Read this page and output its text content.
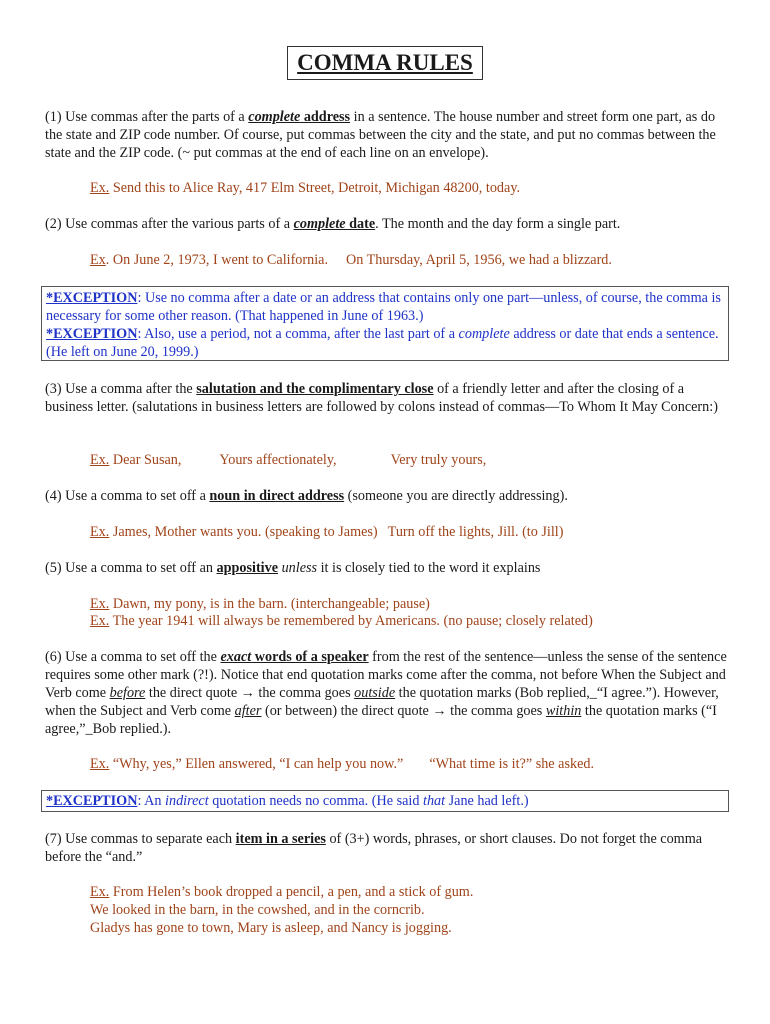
COMMA RULES

(1) Use commas after the parts of a complete address in a sentence. The house number and street form one part, as do the state and ZIP code number. Of course, put commas between the city and the state, and put no commas between the state and the ZIP code. (~ put commas at the end of each line on an envelope).

Ex. Send this to Alice Ray, 417 Elm Street, Detroit, Michigan 48200, today.

(2) Use commas after the various parts of a complete date. The month and the day form a single part.

Ex. On June 2, 1973, I went to California. On Thursday, April 5, 1956, we had a blizzard.
*EXCEPTION: Use no comma after a date or an address that contains only one part—unless, of course, the comma is necessary for some other reason. (That happened in June of 1963.)
*EXCEPTION: Also, use a period, not a comma, after the last part of a complete address or date that ends a sentence. (He left on June 20, 1999.)

(3) Use a comma after the salutation and the complimentary close of a friendly letter and after the closing of a business letter. (salutations in business letters are followed by colons instead of commas—To Whom It May Concern:)

Ex. Dear Susan,	Yours affectionately,	Very truly yours,

(4) Use a comma to set off a noun in direct address (someone you are directly addressing).

Ex. James, Mother wants you. (speaking to James) Turn off the lights, Jill. (to Jill)

(5) Use a comma to set off an appositive unless it is closely tied to the word it explains

Ex. Dawn, my pony, is in the barn. (interchangeable; pause)
Ex. The year 1941 will always be remembered by Americans. (no pause; closely related)

(6) Use a comma to set off the exact words of a speaker from the rest of the sentence—unless the sense of the sentence requires some other mark (?!). Notice that end quotation marks come after the comma, not before When the Subject and Verb come before the direct quote → the comma goes outside the quotation marks (Bob replied,_“I agree.”). However, when the Subject and Verb come after (or between) the direct quote → the comma goes within the quotation marks (“I agree,”_Bob replied.).

Ex. “Why, yes,” Ellen answered, “I can help you now.” “What time is it?” she asked.
*EXCEPTION: An indirect quotation needs no comma. (He said that Jane had left.)

(7) Use commas to separate each item in a series of (3+) words, phrases, or short clauses. Do not forget the comma before the “and.”

Ex. From Helen’s book dropped a pencil, a pen, and a stick of gum.
We looked in the barn, in the cowshed, and in the corncrib.
Gladys has gone to town, Mary is asleep, and Nancy is jogging.
